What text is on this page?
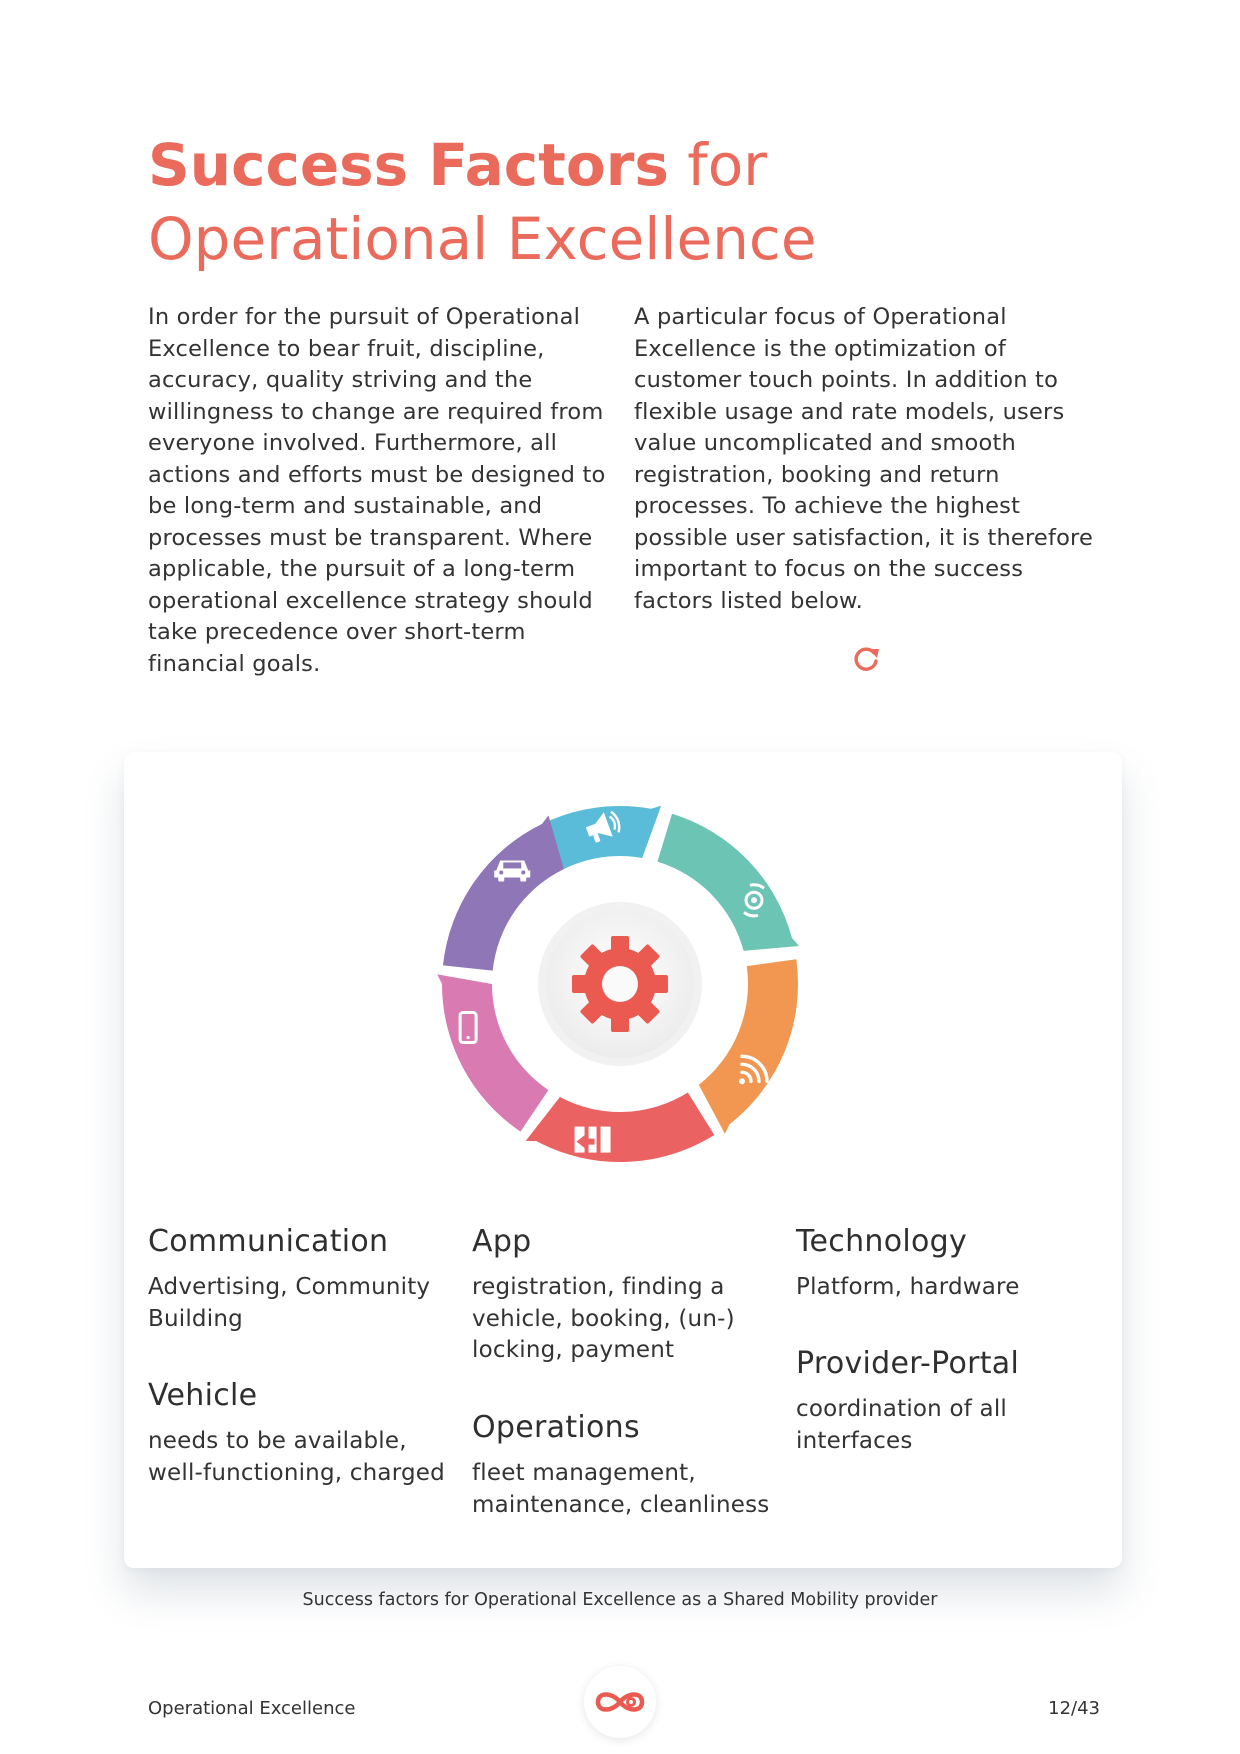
Success Factors for
Operational Excellence
In order for the pursuit of Operational Excellence to bear fruit, discipline, accuracy, quality striving and the willingness to change are required from everyone involved. Furthermore, all actions and efforts must be designed to be long-term and sustainable, and processes must be transparent. Where applicable, the pursuit of a long-term operational excellence strategy should take precedence over short-term financial goals.
A particular focus of Operational Excellence is the optimization of customer touch points. In addition to flexible usage and rate models, users value uncomplicated and smooth registration, booking and return processes. To achieve the highest possible user satisfaction, it is therefore important to focus on the success factors listed below.
Communication

Advertising, Community Building

Vehicle

needs to be available, well-functioning, charged

App

registration, finding a vehicle, booking, (un-) locking, payment

Operations

fleet management, maintenance, cleanliness

Technology

Platform, hardware

Provider-Portal

coordination of all interfaces

Success factors for Operational Excellence as a Shared Mobility provider
Operational Excellence	12/43
